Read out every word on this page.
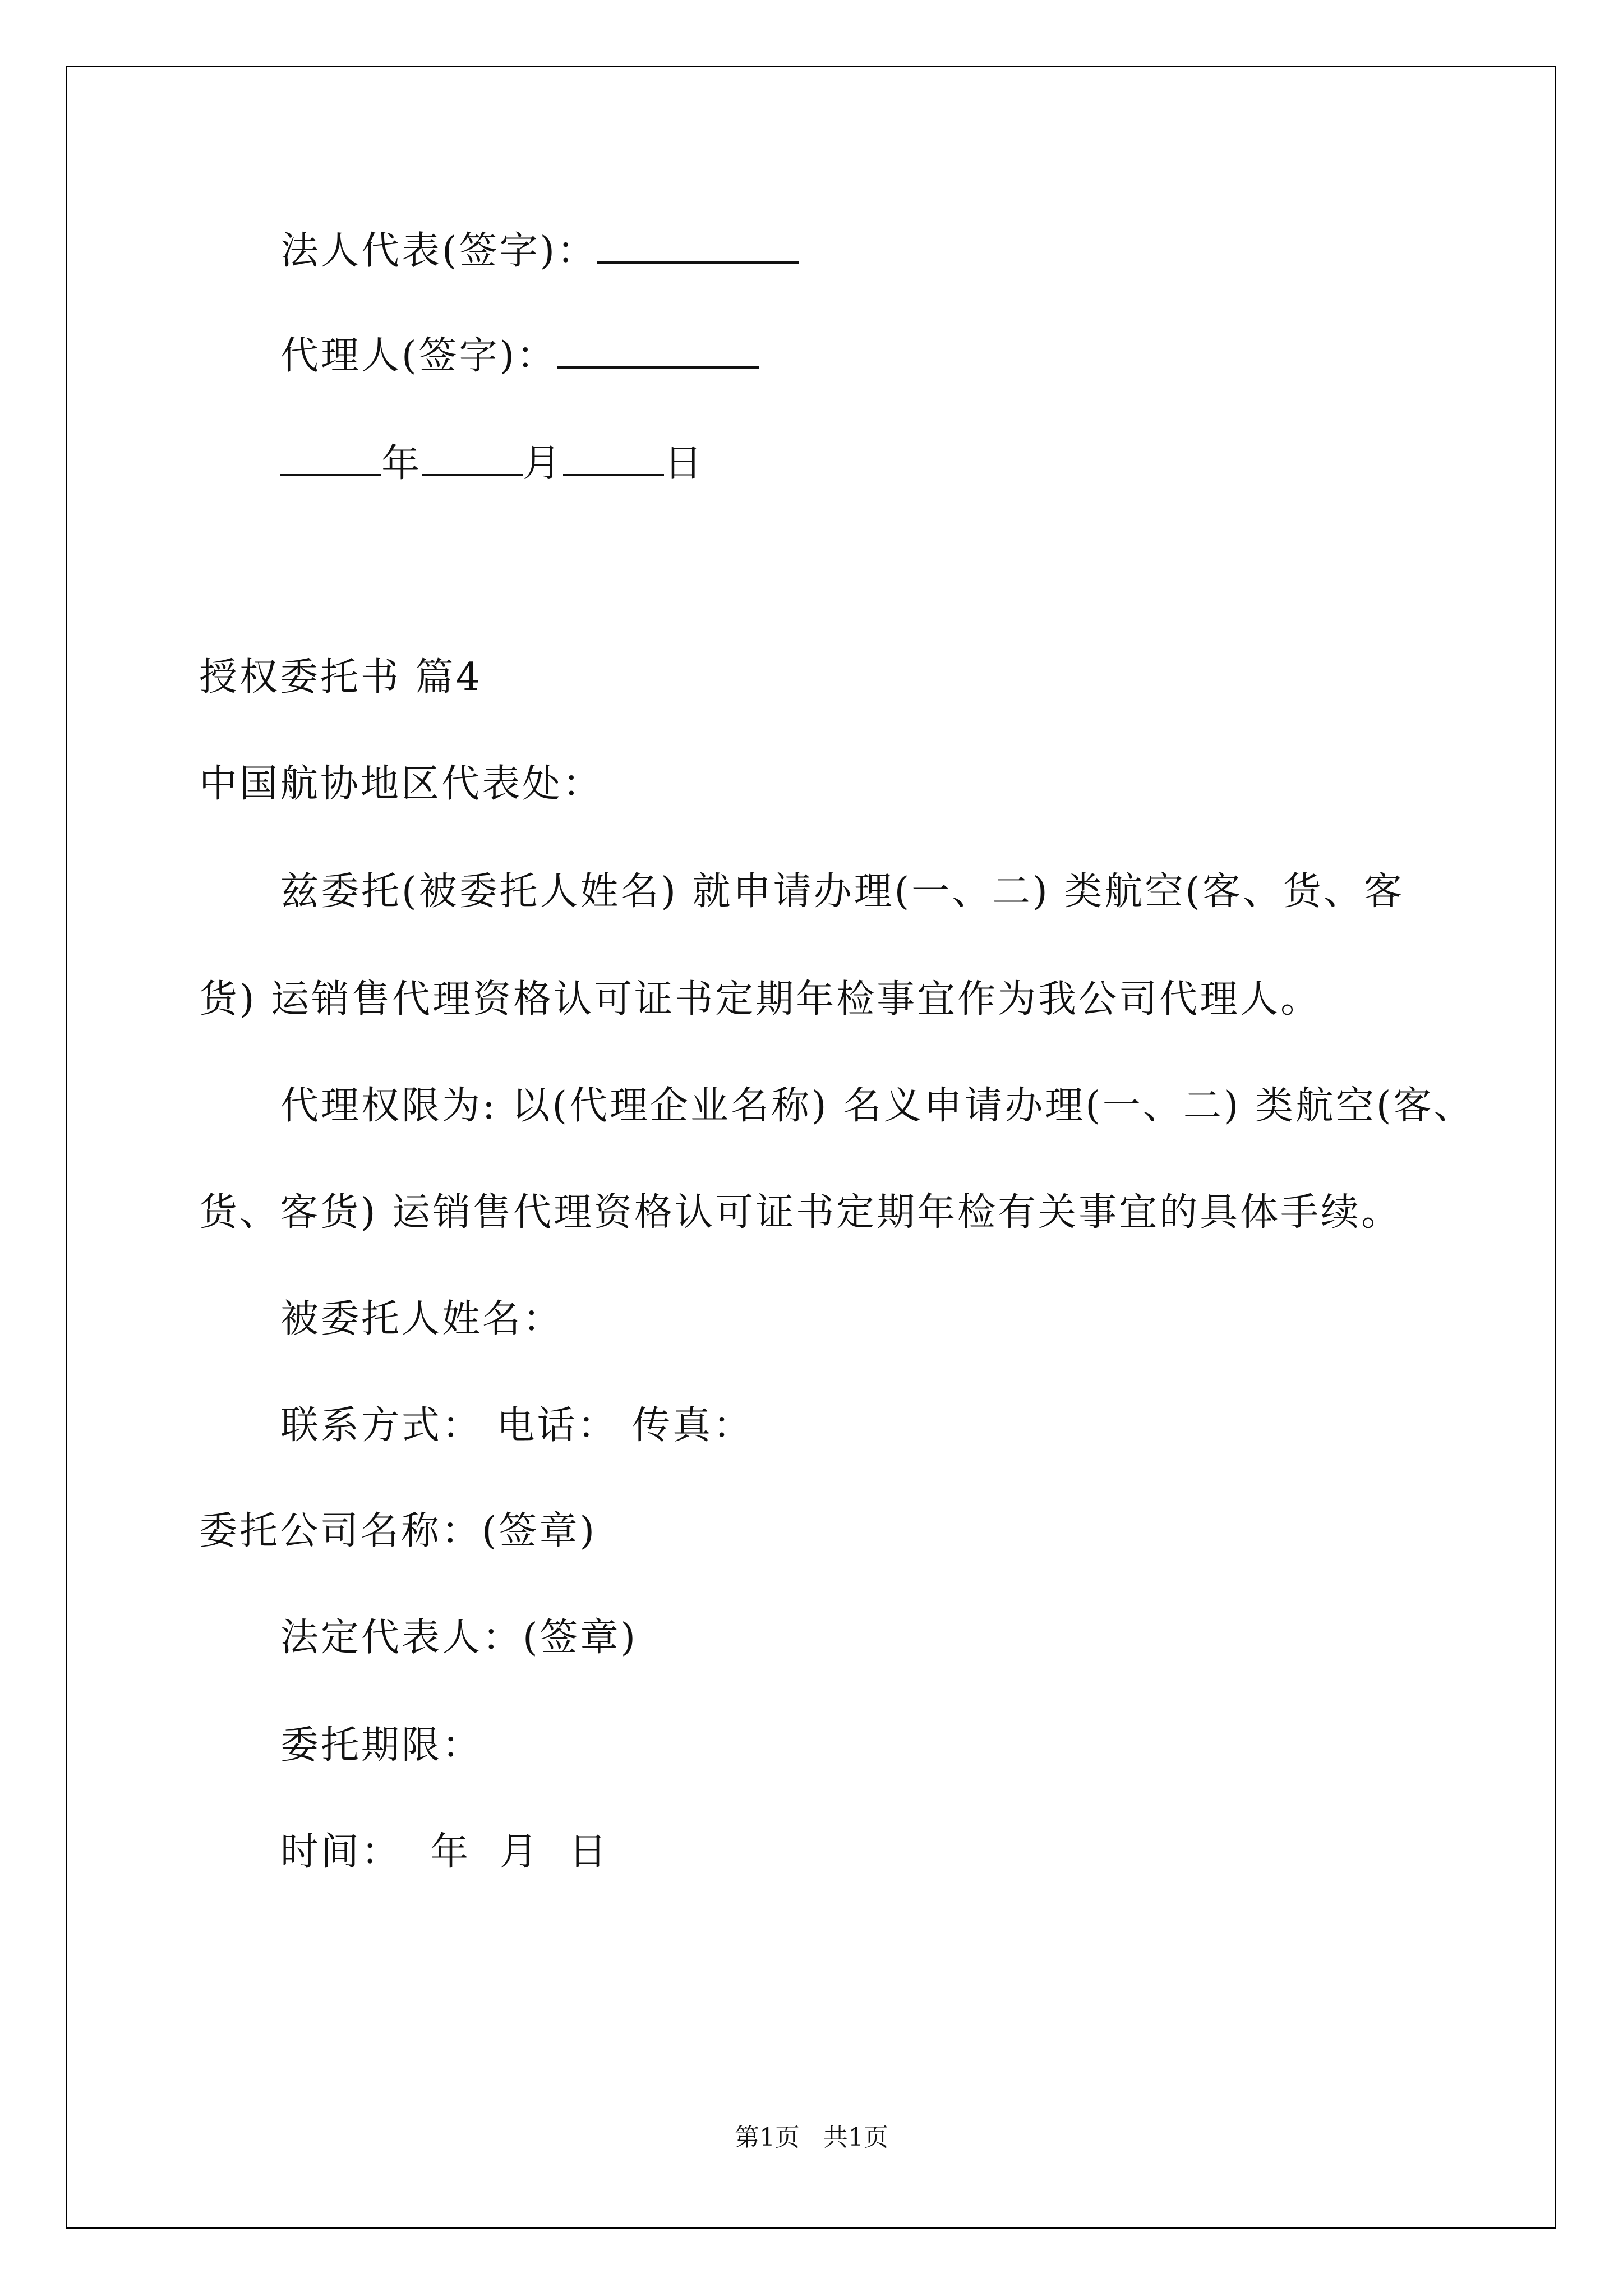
法人代表(签字)：
代理人(签字)：
年	月	日
授权委托书 篇4
中国航协地区代表处：
兹委托(被委托人姓名) 就申请办理(一、二) 类航空(客、货、客
货) 运销售代理资格认可证书定期年检事宜作为我公司代理人。
代理权限为: 以(代理企业名称) 名义申请办理(一、二) 类航空(客、
货、客货) 运销售代理资格认可证书定期年检有关事宜的具体手续。
被委托人姓名：
联系方式： 电话： 传真：
委托公司名称：(签章)
法定代表人：(签章)
委托期限：
时间：  年  月  日
第1页   共1页
